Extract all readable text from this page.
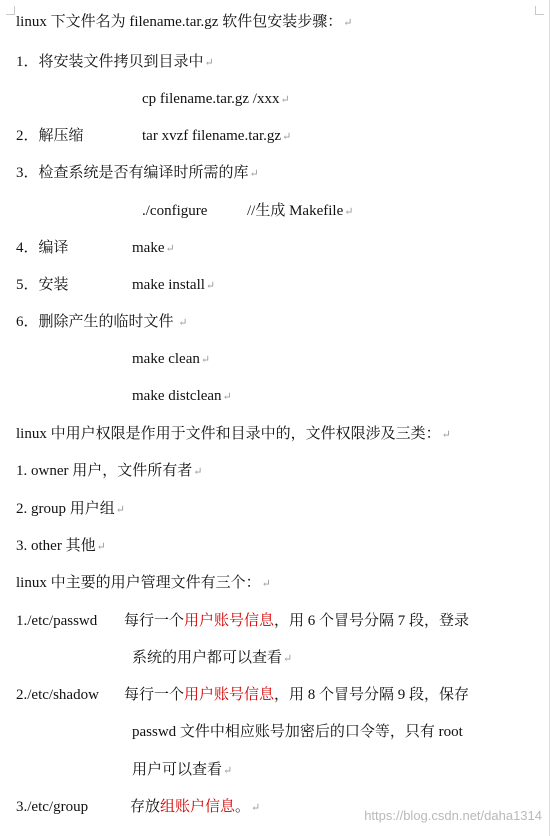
linux 下文件名为 filename.tar.gz 软件包安装步骤：↵
1．将安装文件拷贝到目录中↵
cp filename.tar.gz /xxx↵
2．解压缩	tar xvzf filename.tar.gz↵
3．检查系统是否有编译时所需的库↵
./configure	//生成 Makefile↵
4．编译	make↵
5．安装	make install↵
6．删除产生的临时文件 ↵
make clean↵
make distclean↵
linux 中用户权限是作用于文件和目录中的，文件权限涉及三类：↵
1. owner 用户，文件所有者↵
2. group 用户组↵
3. other 其他↵
linux 中主要的用户管理文件有三个：↵
1./etc/passwd 每行一个用户账号信息，用 6 个冒号分隔 7 段，登录
系统的用户都可以查看↵
2./etc/shadow 每行一个用户账号信息，用 8 个冒号分隔 9 段，保存
passwd 文件中相应账号加密后的口令等，只有 root
用户可以查看↵
3./etc/group	存放组账户信息。↵	https://blog.csdn.net/daha1314
